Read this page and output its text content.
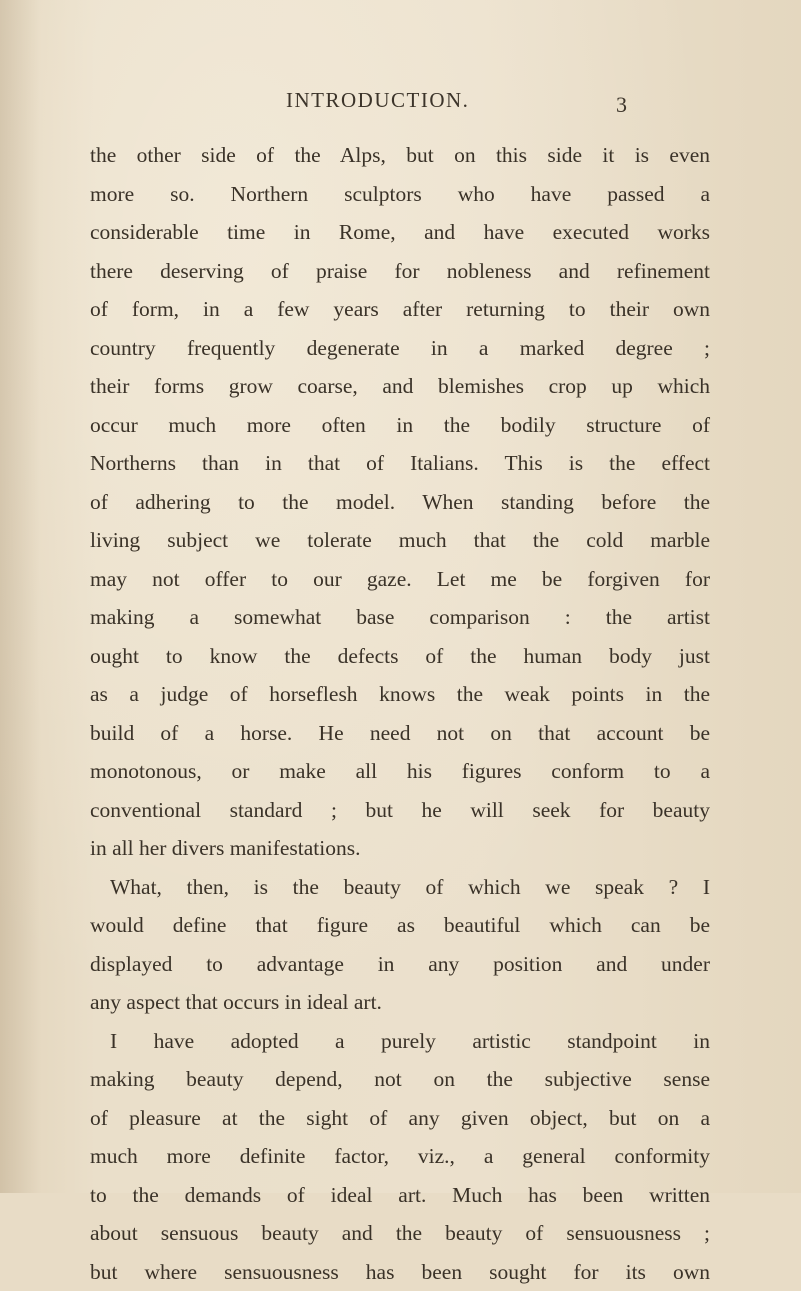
INTRODUCTION.	3
the other side of the Alps, but on this side it is even
more so. Northern sculptors who have passed a
considerable time in Rome, and have executed works
there deserving of praise for nobleness and refinement
of form, in a few years after returning to their own
country frequently degenerate in a marked degree ;
their forms grow coarse, and blemishes crop up which
occur much more often in the bodily structure of
Northerns than in that of Italians. This is the effect
of adhering to the model. When standing before the
living subject we tolerate much that the cold marble
may not offer to our gaze. Let me be forgiven for
making a somewhat base comparison : the artist
ought to know the defects of the human body just
as a judge of horseflesh knows the weak points in the
build of a horse. He need not on that account be
monotonous, or make all his figures conform to a
conventional standard ; but he will seek for beauty
in all her divers manifestations.
What, then, is the beauty of which we speak ? I
would define that figure as beautiful which can be
displayed to advantage in any position and under
any aspect that occurs in ideal art.
I have adopted a purely artistic standpoint in
making beauty depend, not on the subjective sense
of pleasure at the sight of any given object, but on a
much more definite factor, viz., a general conformity
to the demands of ideal art. Much has been written
about sensuous beauty and the beauty of sensuousness ;
but where sensuousness has been sought for its own
